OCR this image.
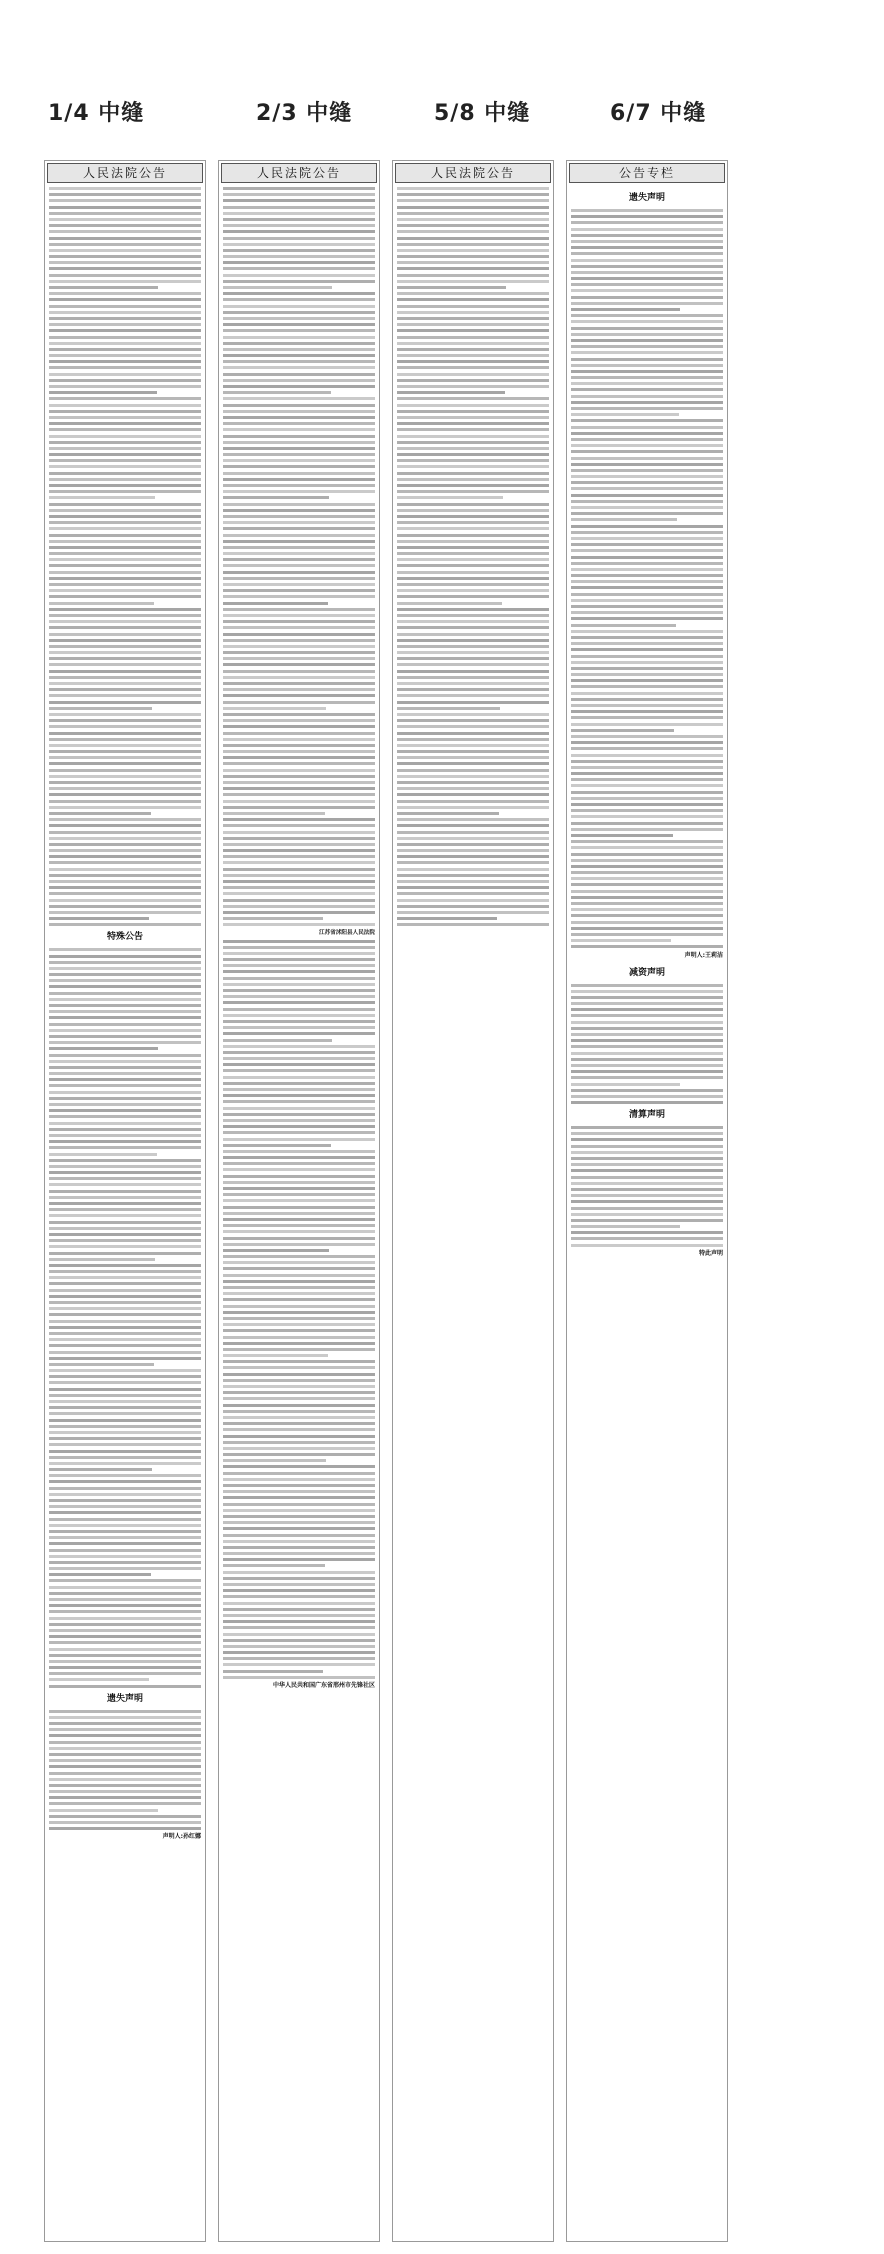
1/4 中缝	2/3 中缝	5/8 中缝	6/7 中缝
人民法院公告
特殊公告
遗失声明
声明人:孙红娜
人民法院公告
江苏省沭阳县人民法院
中华人民共和国广东省邢州市先锋社区
人民法院公告	公告专栏
遗失声明
声明人:王莉洁
减资声明
清算声明
特此声明
